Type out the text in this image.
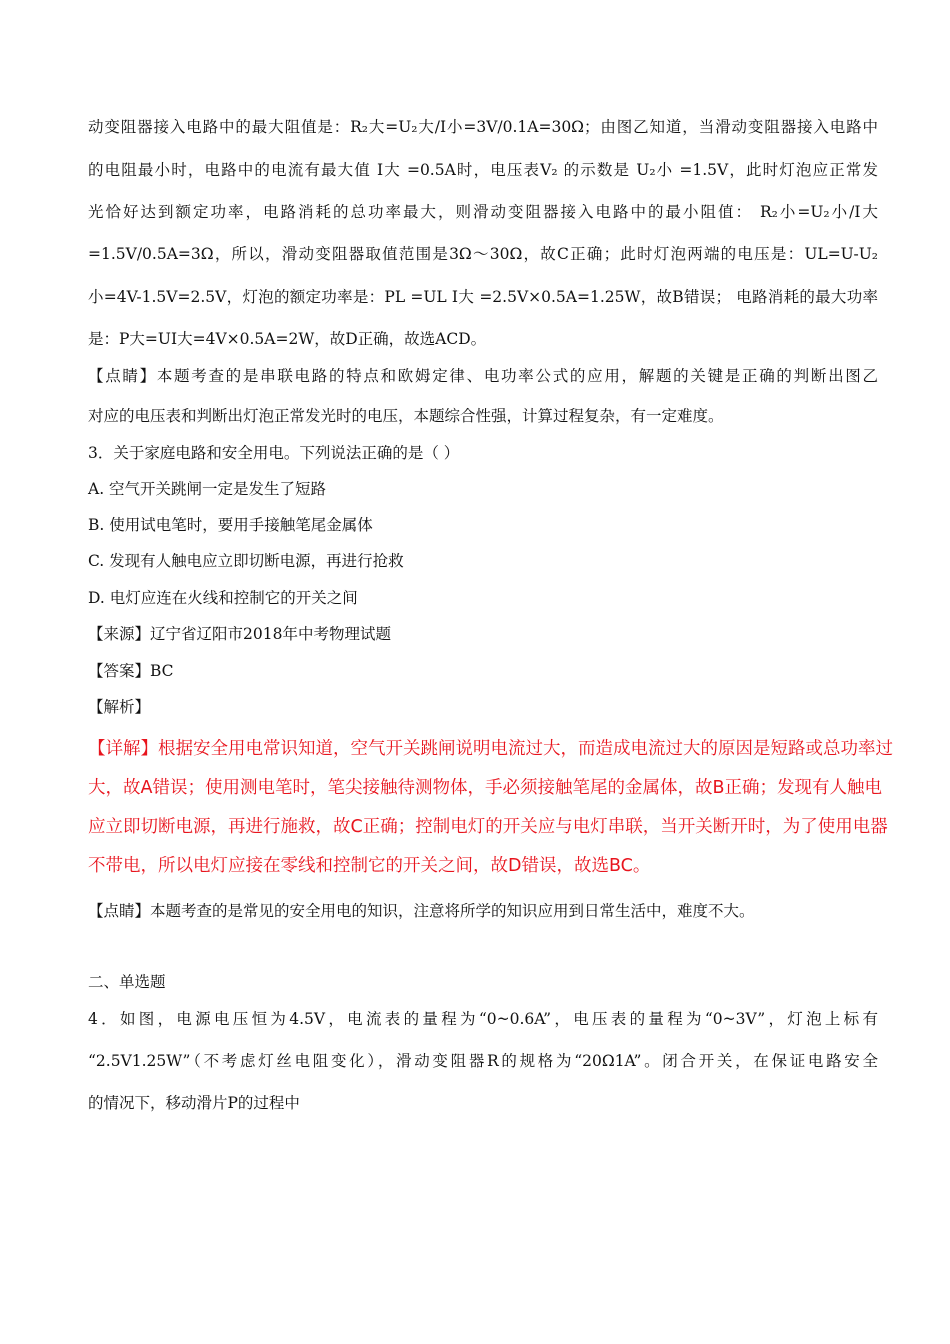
动变阻器接入电路中的最大阻值是：R₂大=U₂大/I小=3V/0.1A=30Ω；由图乙知道，当滑动变阻器接入电路中
的电阻最小时，电路中的电流有最大值 I大 =0.5A时，电压表V₂ 的示数是 U₂小 =1.5V，此时灯泡应正常发
光恰好达到额定功率，电路消耗的总功率最大，则滑动变阻器接入电路中的最小阻值： R₂小=U₂小/I大
=1.5V/0.5A=3Ω，所以，滑动变阻器取值范围是3Ω～30Ω，故C正确；此时灯泡两端的电压是：UL=U-U₂
小=4V-1.5V=2.5V，灯泡的额定功率是：PL =UL I大 =2.5V×0.5A=1.25W，故B错误； 电路消耗的最大功率
是：P大=UI大=4V×0.5A=2W，故D正确，故选ACD。
【点睛】本题考查的是串联电路的特点和欧姆定律、电功率公式的应用，解题的关键是正确的判断出图乙
对应的电压表和判断出灯泡正常发光时的电压，本题综合性强，计算过程复杂，有一定难度。
3．关于家庭电路和安全用电。下列说法正确的是（ ）
A. 空气开关跳闸一定是发生了短路
B. 使用试电笔时，要用手接触笔尾金属体
C. 发现有人触电应立即切断电源，再进行抢救
D. 电灯应连在火线和控制它的开关之间
【来源】辽宁省辽阳市2018年中考物理试题
【答案】BC
【解析】
【详解】根据安全用电常识知道，空气开关跳闸说明电流过大，而造成电流过大的原因是短路或总功率过
大，故A错误；使用测电笔时，笔尖接触待测物体，手必须接触笔尾的金属体，故B正确；发现有人触电
应立即切断电源，再进行施救，故C正确；控制电灯的开关应与电灯串联，当开关断开时，为了使用电器
不带电，所以电灯应接在零线和控制它的开关之间，故D错误，故选BC。
【点睛】本题考查的是常见的安全用电的知识，注意将所学的知识应用到日常生活中，难度不大。
二、单选题
4．如图，电源电压恒为4.5V，电流表的量程为“0~0.6A”，电压表的量程为“0~3V”，灯泡上标有
“2.5V1.25W”（不考虑灯丝电阻变化），滑动变阻器R的规格为“20Ω1A”。闭合开关，在保证电路安全
的情况下，移动滑片P的过程中
